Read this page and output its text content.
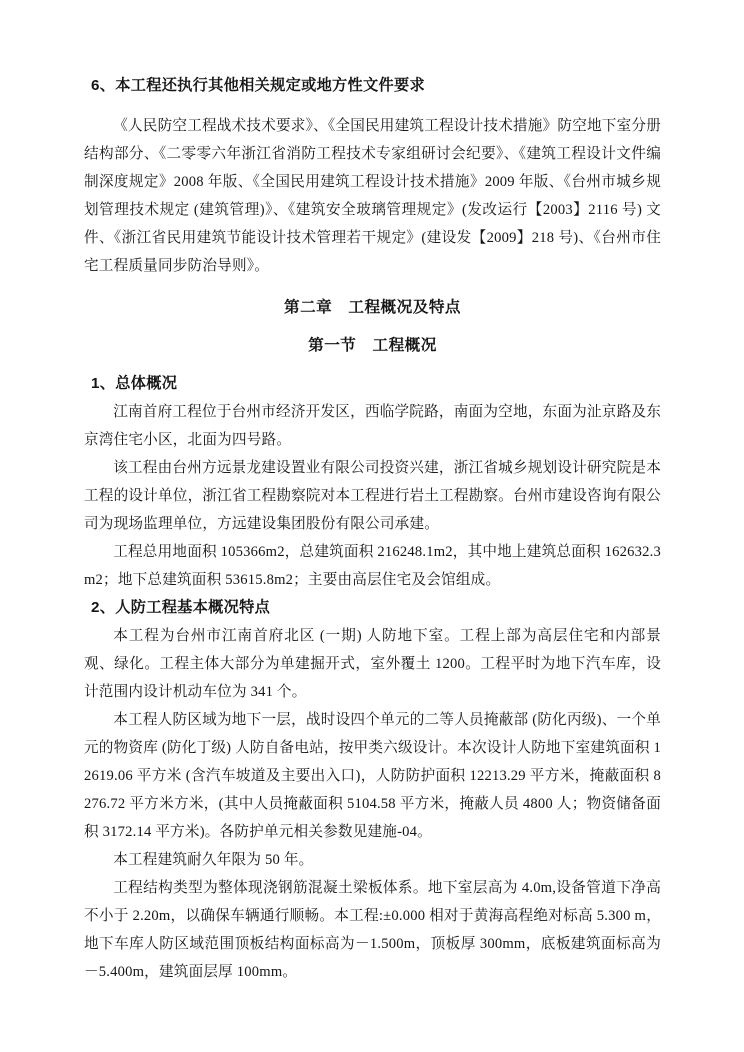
6、本工程还执行其他相关规定或地方性文件要求

《人民防空工程战术技术要求》、《全国民用建筑工程设计技术措施》防空地下室分册结构部分、《二零零六年浙江省消防工程技术专家组研讨会纪要》、《建筑工程设计文件编制深度规定》2008 年版、《全国民用建筑工程设计技术措施》2009 年版、《台州市城乡规划管理技术规定 (建筑管理)》、《建筑安全玻璃管理规定》(发改运行【2003】2116 号) 文件、《浙江省民用建筑节能设计技术管理若干规定》(建设发【2009】218 号)、《台州市住宅工程质量同步防治导则》。

第二章　工程概况及特点

第一节　工程概况

1、总体概况

江南首府工程位于台州市经济开发区，西临学院路，南面为空地，东面为沚京路及东京湾住宅小区，北面为四号路。

该工程由台州方远景龙建设置业有限公司投资兴建，浙江省城乡规划设计研究院是本工程的设计单位，浙江省工程勘察院对本工程进行岩土工程勘察。台州市建设咨询有限公司为现场监理单位，方远建设集团股份有限公司承建。

工程总用地面积 105366m2，总建筑面积 216248.1m2，其中地上建筑总面积 162632.3m2；地下总建筑面积 53615.8m2；主要由高层住宅及会馆组成。

2、人防工程基本概况特点

本工程为台州市江南首府北区 (一期) 人防地下室。工程上部为高层住宅和内部景观、绿化。工程主体大部分为单建掘开式，室外覆土 1200。工程平时为地下汽车库，设计范围内设计机动车位为 341 个。

本工程人防区域为地下一层，战时设四个单元的二等人员掩蔽部 (防化丙级)、一个单元的物资库 (防化丁级) 人防自备电站，按甲类六级设计。本次设计人防地下室建筑面积 12619.06 平方米 (含汽车坡道及主要出入口)，人防防护面积 12213.29 平方米，掩蔽面积 8276.72 平方米方米，(其中人员掩蔽面积 5104.58 平方米，掩蔽人员 4800 人；物资储备面积 3172.14 平方米)。各防护单元相关参数见建施-04。

本工程建筑耐久年限为 50 年。

工程结构类型为整体现浇钢筋混凝土梁板体系。地下室层高为 4.0m,设备管道下净高不小于 2.20m，以确保车辆通行顺畅。本工程:±0.000 相对于黄海高程绝对标高 5.300 m，地下车库人防区域范围顶板结构面标高为－1.500m，顶板厚 300mm，底板建筑面标高为－5.400m，建筑面层厚 100mm。
